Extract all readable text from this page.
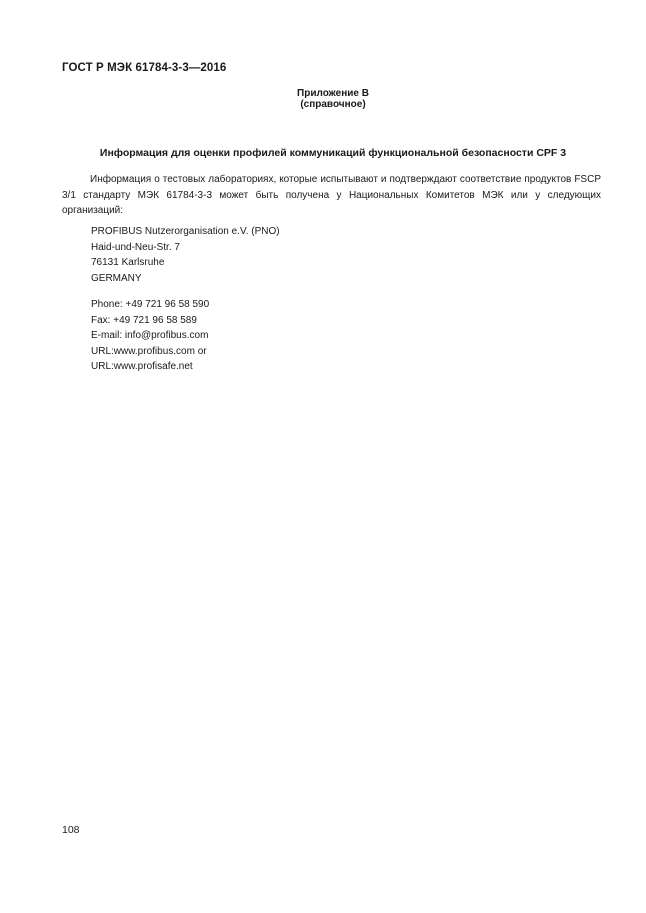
ГОСТ Р МЭК 61784-3-3—2016
Приложение В
(справочное)
Информация для оценки профилей коммуникаций функциональной безопасности CPF 3

Информация о тестовых лабораториях, которые испытывают и подтверждают соответствие продуктов FSCP 3/1 стандарту МЭК 61784-3-3 может быть получена у Национальных Комитетов МЭК или у следующих организаций:

PROFIBUS Nutzerorganisation e.V. (PNO)
Haid-und-Neu-Str. 7
76131 Karlsruhe
GERMANY
Phone: +49 721 96 58 590
Fax: +49 721 96 58 589
E-mail: info@profibus.com
URL:www.profibus.com or
URL:www.profisafe.net
108
